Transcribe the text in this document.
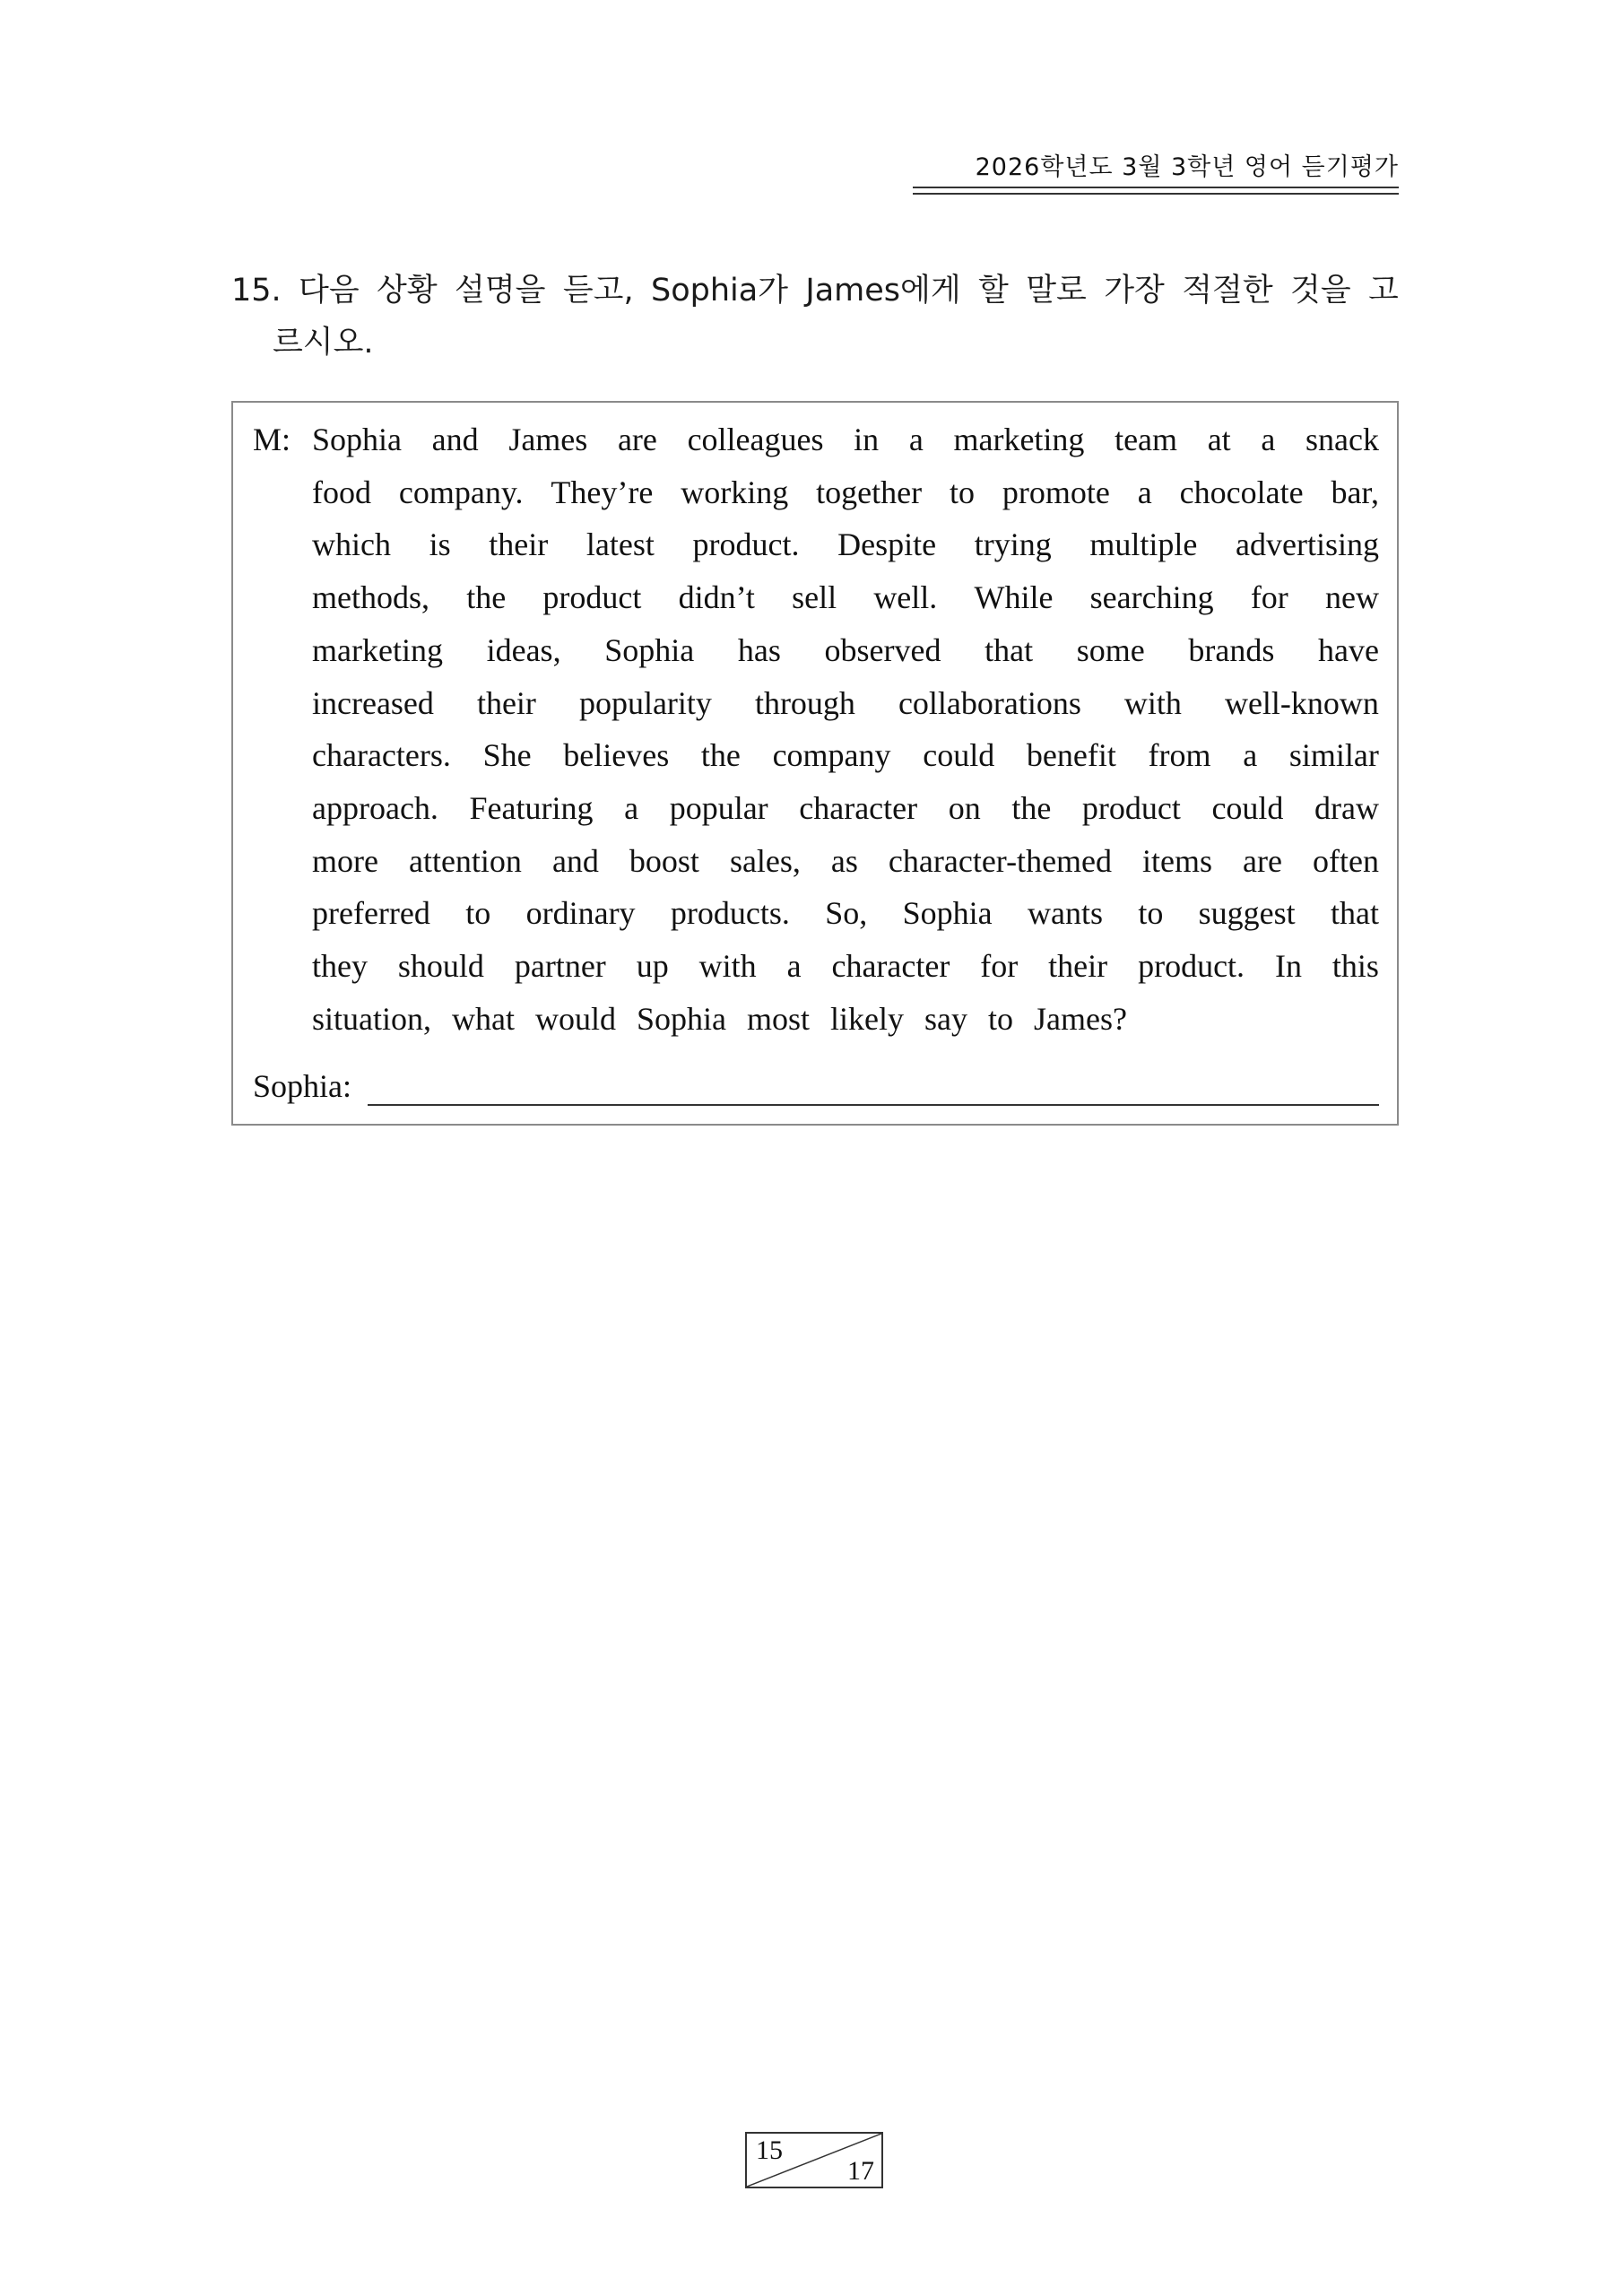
2026학년도 3월 3학년 영어 듣기평가
15. 다음 상황 설명을 듣고, Sophia가 James에게 할 말로 가장 적절한 것을 고
르시오.
M: Sophia and James are colleagues in a marketing team at a snack
food company. They’re working together to promote a chocolate bar,
which is their latest product. Despite trying multiple advertising
methods, the product didn’t sell well. While searching for new
marketing ideas, Sophia has observed that some brands have
increased their popularity through collaborations with well-known
characters. She believes the company could benefit from a similar
approach. Featuring a popular character on the product could draw
more attention and boost sales, as character-themed items are often
preferred to ordinary products. So, Sophia wants to suggest that
they should partner up with a character for their product. In this
situation, what would Sophia most likely say to James?
Sophia:
15
17
